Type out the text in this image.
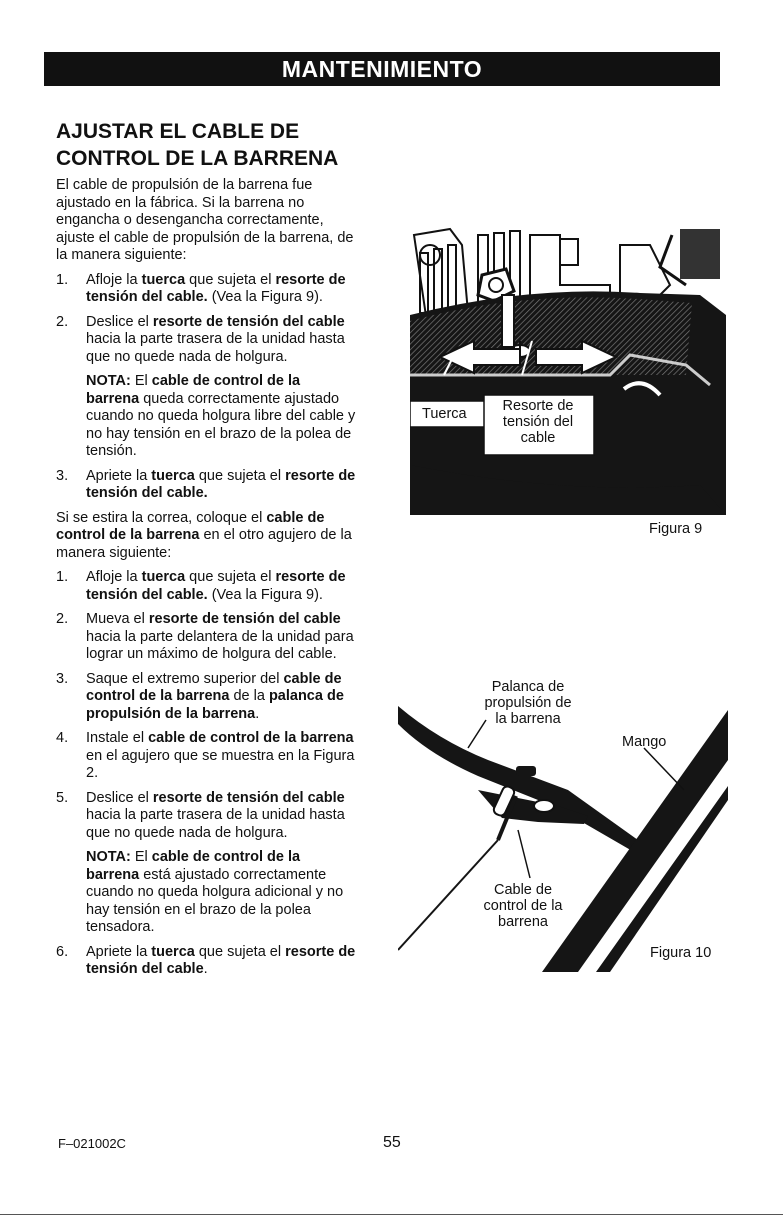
MANTENIMIENTO
AJUSTAR EL CABLE DE
CONTROL DE LA BARRENA

El cable de propulsión de la barrena fue ajustado en la fábrica. Si la barrena no engancha o desengancha correctamente, ajuste el cable de propulsión de la barrena, de la manera siguiente:

1.	Afloje la tuerca que sujeta el resorte de tensión del cable. (Vea la Figura 9).
2.	Deslice el resorte de tensión del cable hacia la parte trasera de la unidad hasta que no quede nada de holgura.
NOTA: El cable de control de la barrena queda correctamente ajustado cuando no queda holgura libre del cable y no hay tensión en el brazo de la polea de tensión.
3.	Apriete la tuerca que sujeta el resorte de tensión del cable.

Si se estira la correa, coloque el cable de control de la barrena en el otro agujero de la manera siguiente:

1.	Afloje la tuerca que sujeta el resorte de tensión del cable. (Vea la Figura 9).
2.	Mueva el resorte de tensión del cable hacia la parte delantera de la unidad para lograr un máximo de holgura del cable.
3.	Saque el extremo superior del cable de control de la barrena de la palanca de propulsión de la barrena.
4.	Instale el cable de control de la barrena en el agujero que se muestra en la Figura 2.
5.	Deslice el resorte de tensión del cable hacia la parte trasera de la unidad hasta que no quede nada de holgura.
NOTA: El cable de control de la barrena está ajustado correctamente cuando no queda holgura adicional y no hay tensión en el brazo de la polea tensadora.
6.	Apriete la tuerca que sujeta el resorte de tensión del cable.
Tuerca	Resorte de tensión del cable
Figura 9
Palanca de propulsión de la barrena
Mango
Cable de control de la barrena
Figura 10
F–021002C	55
